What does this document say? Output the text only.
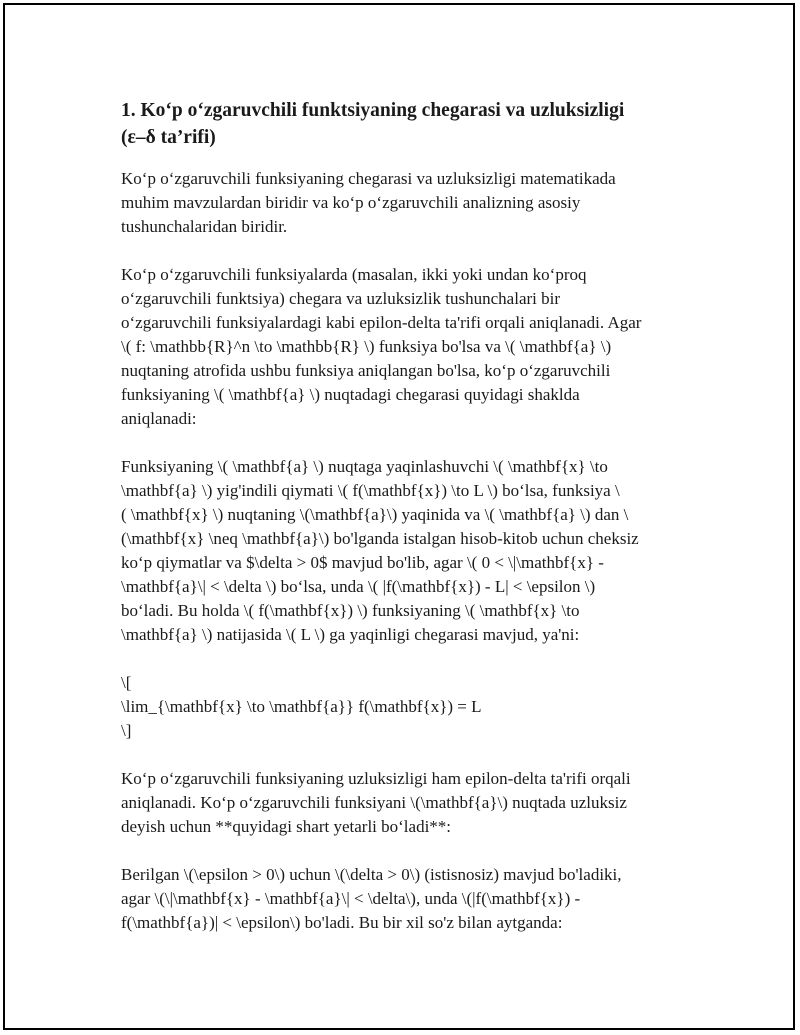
1. Ko‘p o‘zgaruvchili funktsiyaning chegarasi va uzluksizligi
(ε–δ ta’rifi)
Ko‘p o‘zgaruvchili funksiyaning chegarasi va uzluksizligi matematikada
muhim mavzulardan biridir va ko‘p o‘zgaruvchili analizning asosiy
tushunchalaridan biridir.
Ko‘p o‘zgaruvchili funksiyalarda (masalan, ikki yoki undan ko‘proq
o‘zgaruvchili funktsiya) chegara va uzluksizlik tushunchalari bir
o‘zgaruvchili funksiyalardagi kabi epilon-delta ta'rifi orqali aniqlanadi. Agar
\( f: \mathbb{R}^n \to \mathbb{R} \) funksiya bo'lsa va \( \mathbf{a} \)
nuqtaning atrofida ushbu funksiya aniqlangan bo'lsa, ko‘p o‘zgaruvchili
funksiyaning \( \mathbf{a} \) nuqtadagi chegarasi quyidagi shaklda
aniqlanadi:
Funksiyaning \( \mathbf{a} \) nuqtaga yaqinlashuvchi \( \mathbf{x} \to
\mathbf{a} \) yig'indili qiymati \( f(\mathbf{x}) \to L \) bo‘lsa, funksiya \
( \mathbf{x} \) nuqtaning \(\mathbf{a}\) yaqinida va \( \mathbf{a} \) dan \
(\mathbf{x} \neq \mathbf{a}\) bo'lganda istalgan hisob-kitob uchun cheksiz
ko‘p qiymatlar va $\delta > 0$ mavjud bo'lib, agar \( 0 < \|\mathbf{x} -
\mathbf{a}\| < \delta \) bo‘lsa, unda \( |f(\mathbf{x}) - L| < \epsilon \)
bo‘ladi. Bu holda \( f(\mathbf{x}) \) funksiyaning \( \mathbf{x} \to
\mathbf{a} \) natijasida \( L \) ga yaqinligi chegarasi mavjud, ya'ni:
\[
\lim_{\mathbf{x} \to \mathbf{a}} f(\mathbf{x}) = L
\]
Ko‘p o‘zgaruvchili funksiyaning uzluksizligi ham epilon-delta ta'rifi orqali
aniqlanadi. Ko‘p o‘zgaruvchili funksiyani \(\mathbf{a}\) nuqtada uzluksiz
deyish uchun **quyidagi shart yetarli bo‘ladi**:
Berilgan \(\epsilon > 0\) uchun \(\delta > 0\) (istisnosiz) mavjud bo'ladiki,
agar \(\|\mathbf{x} - \mathbf{a}\| < \delta\), unda \(|f(\mathbf{x}) -
f(\mathbf{a})| < \epsilon\) bo'ladi. Bu bir xil so'z bilan aytganda:
